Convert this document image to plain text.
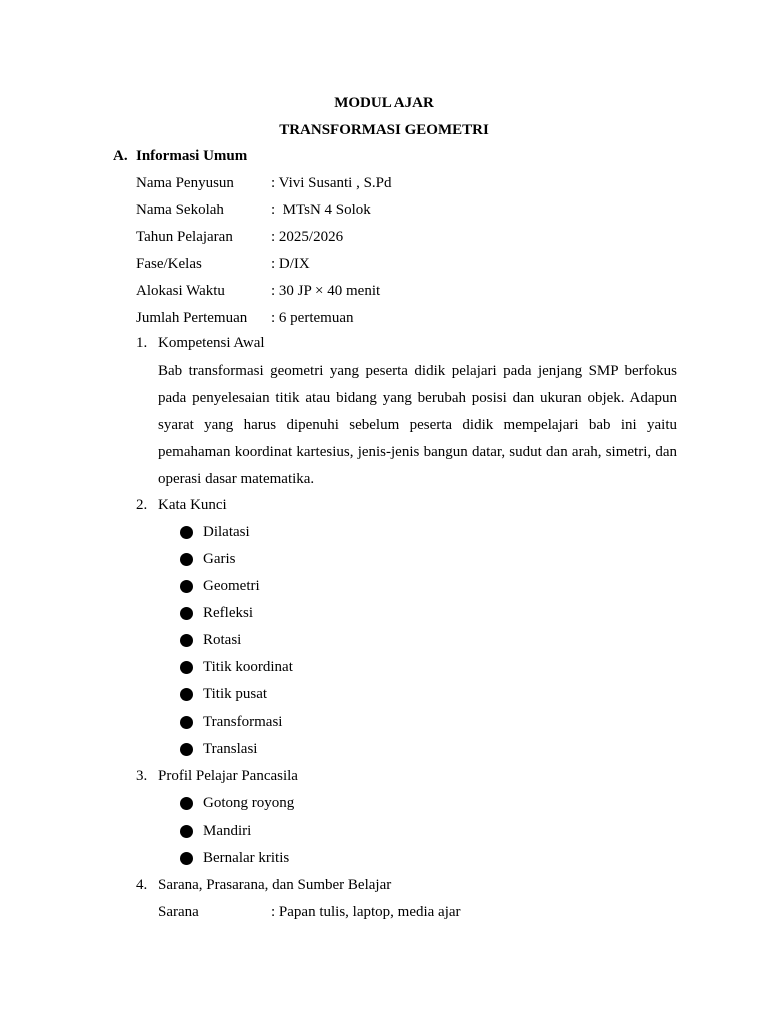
MODUL AJAR
TRANSFORMASI GEOMETRI
A. Informasi Umum
Nama Penyusun : Vivi Susanti , S.Pd
Nama Sekolah	:  MTsN 4 Solok
Tahun Pelajaran	: 2025/2026
Fase/Kelas	: D/IX
Alokasi Waktu	: 30 JP × 40 menit
Jumlah Pertemuan : 6 pertemuan
1. Kompetensi Awal
Bab transformasi geometri yang peserta didik pelajari pada jenjang SMP berfokus
pada penyelesaian titik atau bidang yang berubah posisi dan ukuran objek. Adapun
syarat yang harus dipenuhi sebelum peserta didik mempelajari bab ini yaitu
pemahaman koordinat kartesius, jenis-jenis bangun datar, sudut dan arah, simetri, dan
operasi dasar matematika.
2. Kata Kunci
Dilatasi
Garis
Geometri
Refleksi
Rotasi
Titik koordinat
Titik pusat
Transformasi
Translasi
3. Profil Pelajar Pancasila
Gotong royong
Mandiri
Bernalar kritis
4. Sarana, Prasarana, dan Sumber Belajar
Sarana	: Papan tulis, laptop, media ajar
